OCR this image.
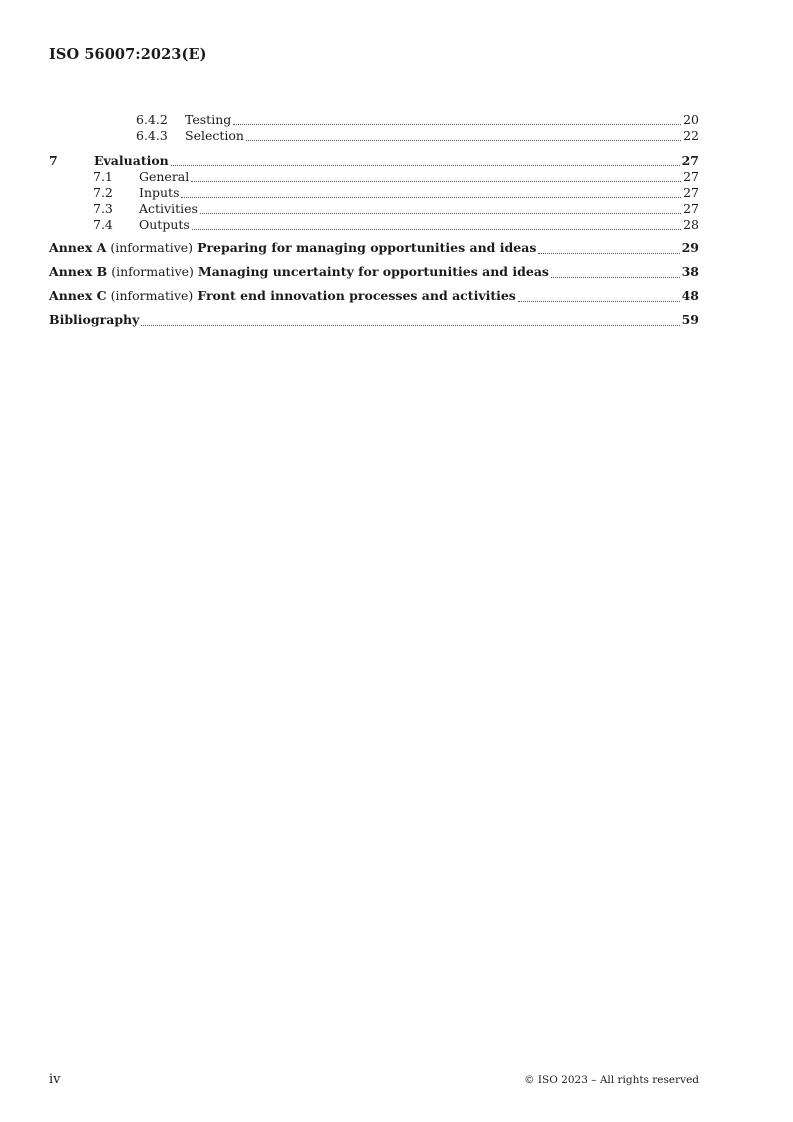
ISO 56007:2023(E)
6.4.2	Testing	20
6.4.3	Selection	22
7	Evaluation	27
7.1	General	27
7.2	Inputs	27
7.3	Activities	27
7.4	Outputs	28
Annex A (informative) Preparing for managing opportunities and ideas	29
Annex B (informative) Managing uncertainty for opportunities and ideas	38
Annex C (informative) Front end innovation processes and activities	48
Bibliography	59
iv	© ISO 2023 – All rights reserved
